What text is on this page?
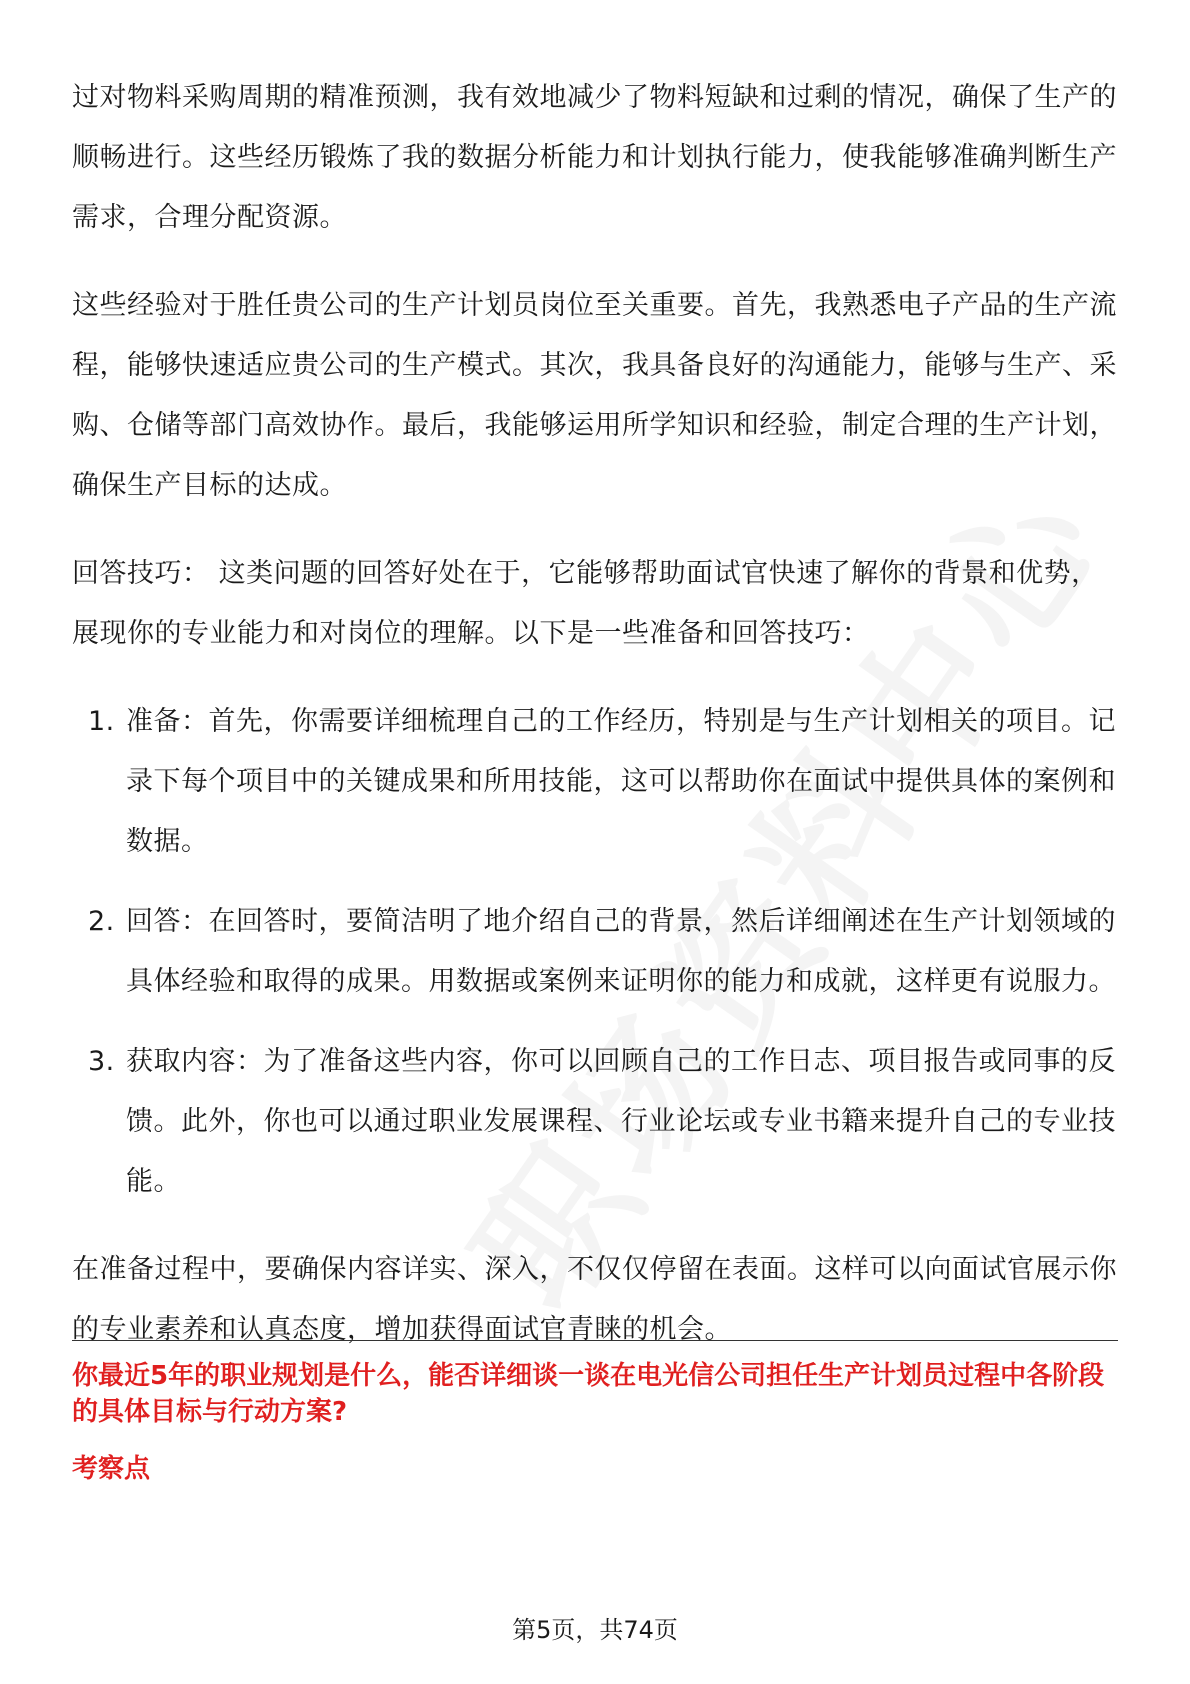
过对物料采购周期的精准预测，我有效地减少了物料短缺和过剩的情况，确保了生产的顺畅进行。这些经历锻炼了我的数据分析能力和计划执行能力，使我能够准确判断生产需求，合理分配资源。

这些经验对于胜任贵公司的生产计划员岗位至关重要。首先，我熟悉电子产品的生产流程，能够快速适应贵公司的生产模式。其次，我具备良好的沟通能力，能够与生产、采购、仓储等部门高效协作。最后，我能够运用所学知识和经验，制定合理的生产计划，确保生产目标的达成。

回答技巧： 这类问题的回答好处在于，它能够帮助面试官快速了解你的背景和优势，展现你的专业能力和对岗位的理解。以下是一些准备和回答技巧：

1. 准备：首先，你需要详细梳理自己的工作经历，特别是与生产计划相关的项目。记录下每个项目中的关键成果和所用技能，这可以帮助你在面试中提供具体的案例和数据。
2. 回答：在回答时，要简洁明了地介绍自己的背景，然后详细阐述在生产计划领域的具体经验和取得的成果。用数据或案例来证明你的能力和成就，这样更有说服力。
3. 获取内容：为了准备这些内容，你可以回顾自己的工作日志、项目报告或同事的反馈。此外，你也可以通过职业发展课程、行业论坛或专业书籍来提升自己的专业技能。

在准备过程中，要确保内容详实、深入，不仅仅停留在表面。这样可以向面试官展示你的专业素养和认真态度，增加获得面试官青睐的机会。

你最近5年的职业规划是什么，能否详细谈一谈在电光信公司担任生产计划员过程中各阶段的具体目标与行动方案?

考察点

第5页，共74页
